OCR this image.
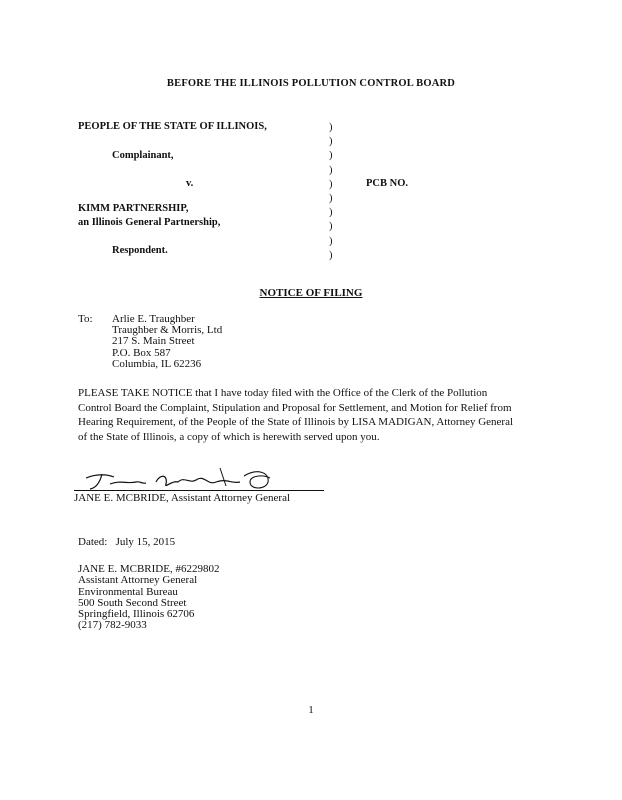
BEFORE THE ILLINOIS POLLUTION CONTROL BOARD
PEOPLE OF THE STATE OF ILLINOIS,
Complainant,
v.	PCB NO.
KIMM PARTNERSHIP,
an Illinois General Partnership,
Respondent.
)
)
)
)
)
)
)
)
)
)
NOTICE OF FILING
To: Arlie E. Traughber
Traughber & Morris, Ltd
217 S. Main Street
P.O. Box 587
Columbia, IL 62236
PLEASE TAKE NOTICE that I have today filed with the Office of the Clerk of the Pollution
Control Board the Complaint, Stipulation and Proposal for Settlement, and Motion for Relief from
Hearing Requirement, of the People of the State of Illinois by LISA MADIGAN, Attorney General
of the State of Illinois, a copy of which is herewith served upon you.
JANE E. MCBRIDE, Assistant Attorney General
Dated:   July 15, 2015
JANE E. MCBRIDE, #6229802
Assistant Attorney General
Environmental Bureau
500 South Second Street
Springfield, Illinois 62706
(217) 782-9033
1
